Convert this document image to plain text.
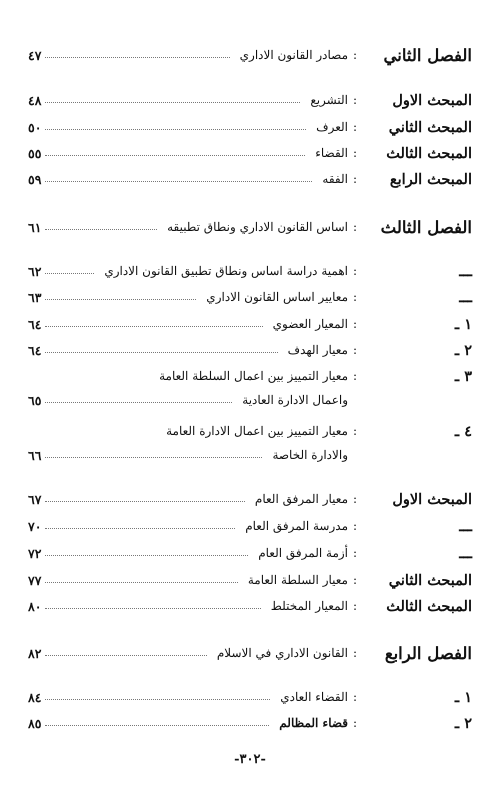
الفصل الثاني
:
مصادر القانون الاداري
٤٧
المبحث الاول
:
التشريع
٤٨
المبحث الثاني
:
العرف
٥٠
المبحث الثالث
:
القضاء
٥٥
المبحث الرابع
:
الفقه
٥٩
الفصل الثالث
:
اساس القانون الاداري ونطاق تطبيقه
٦١
ـــ
:
اهمية دراسة اساس ونطاق تطبيق القانون الاداري
٦٢
ـــ
:
معايير اساس القانون الاداري
٦٣
١ ـ
:
المعيار العضوي
٦٤
٢ ـ
:
معيار الهدف
٦٤
٣ ـ
:
معيار التمييز بين اعمال السلطة العامة
واعمال الادارة العادية
٦٥
٤ ـ
:
معيار التمييز بين اعمال الادارة العامة
والادارة الخاصة
٦٦
المبحث الاول
:
معيار المرفق العام
٦٧
ـــ
:
مدرسة المرفق العام
٧٠
ـــ
:
أزمة المرفق العام
٧٢
المبحث الثاني
:
معيار السلطة العامة
٧٧
المبحث الثالث
:
المعيار المختلط
٨٠
الفصل الرابع
:
القانون الاداري في الاسلام
٨٢
١ ـ
:
القضاء العادي
٨٤
٢ ـ
:
قضاء المظالم
٨٥
-٣٠٢-
